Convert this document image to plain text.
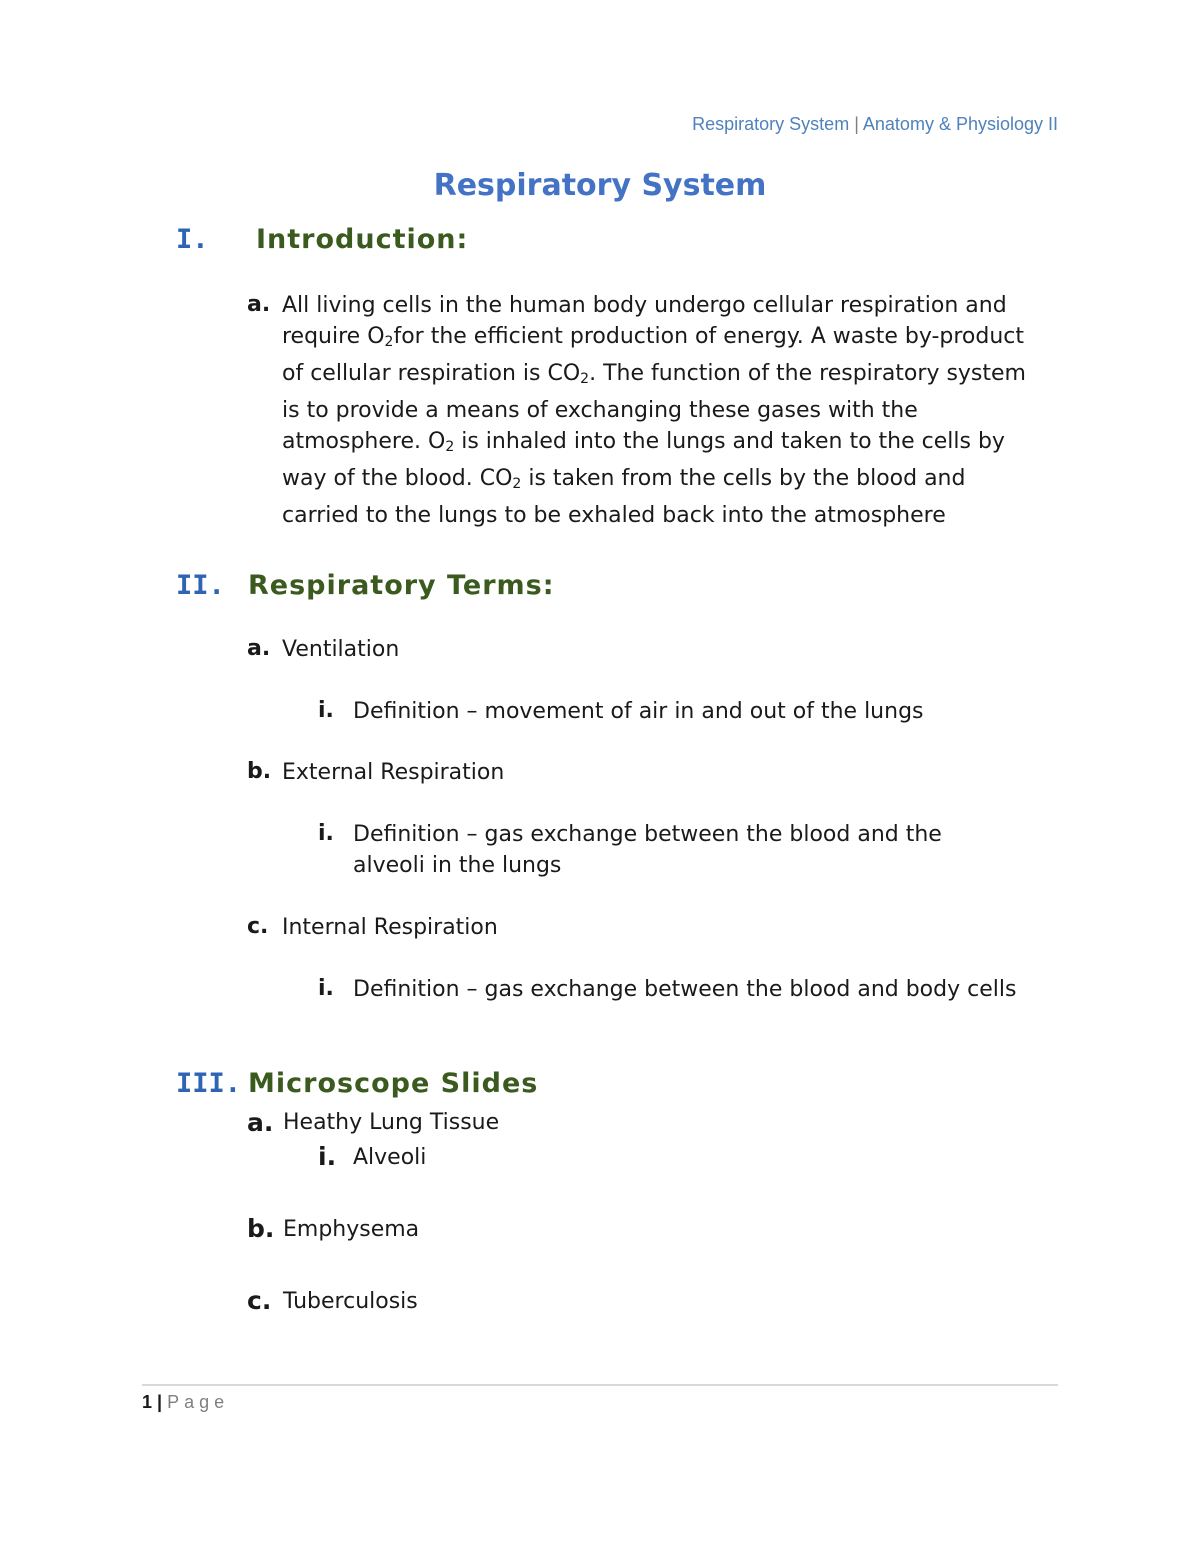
Respiratory System | Anatomy & Physiology II
Respiratory System
I. Introduction:
a. All living cells in the human body undergo cellular respiration and require $O_2for$ the efficient production of energy. A waste by-product of cellular respiration is $CO_2$. The function of the respiratory system is to provide a means of exchanging these gases with the atmosphere. $O_2$ is inhaled into the lungs and taken to the cells by way of the blood. $CO_2$ is taken from the cells by the blood and carried to the lungs to be exhaled back into the atmosphere
II. Respiratory Terms:
a. Ventilation
i. Definition – movement of air in and out of the lungs
b. External Respiration
i. Definition – gas exchange between the blood and the alveoli in the lungs
c. Internal Respiration
i. Definition – gas exchange between the blood and body cells
III. Microscope Slides
a. Heathy Lung Tissue
i. Alveoli
b. Emphysema
c. Tuberculosis
1 | Page
